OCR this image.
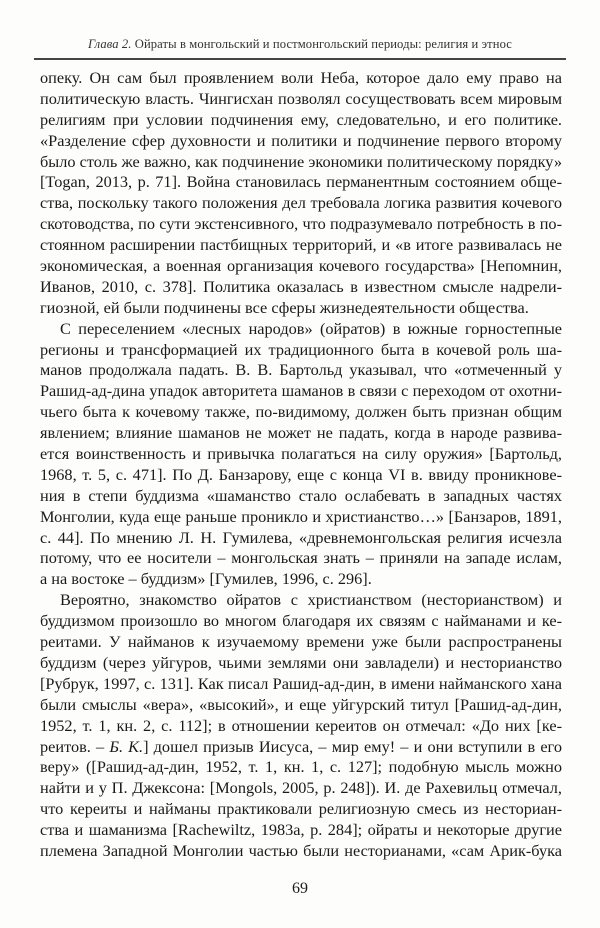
Глава 2. Ойраты в монгольский и постмонгольский периоды: религия и этнос
опеку. Он сам был проявлением воли Неба, которое дало ему право на
политическую власть. Чингисхан позволял сосуществовать всем мировым
религиям при условии подчинения ему, следовательно, и его политике.
«Разделение сфер духовности и политики и подчинение первого второму
было столь же важно, как подчинение экономики политическому порядку»
[Togan, 2013, p. 71]. Война становилась перманентным состоянием обще-
ства, поскольку такого положения дел требовала логика развития кочевого
скотоводства, по сути экстенсивного, что подразумевало потребность в по-
стоянном расширении пастбищных территорий, и «в итоге развивалась не
экономическая, а военная организация кочевого государства» [Непомнин,
Иванов, 2010, с. 378]. Политика оказалась в известном смысле надрели-
гиозной, ей были подчинены все сферы жизнедеятельности общества.
С переселением «лесных народов» (ойратов) в южные горностепные
регионы и трансформацией их традиционного быта в кочевой роль ша-
манов продолжала падать. В. В. Бартольд указывал, что «отмеченный у
Рашид-ад-дина упадок авторитета шаманов в связи с переходом от охотни-
чьего быта к кочевому также, по-видимому, должен быть признан общим
явлением; влияние шаманов не может не падать, когда в народе развива-
ется воинственность и привычка полагаться на силу оружия» [Бартольд,
1968, т. 5, с. 471]. По Д. Банзарову, еще с конца VI в. ввиду проникнове-
ния в степи буддизма «шаманство стало ослабевать в западных частях
Монголии, куда еще раньше проникло и христианство…» [Банзаров, 1891,
с. 44]. По мнению Л. Н. Гумилева, «древнемонгольская религия исчезла
потому, что ее носители – монгольская знать – приняли на западе ислам,
а на востоке – буддизм» [Гумилев, 1996, с. 296].
Вероятно, знакомство ойратов с христианством (несторианством) и
буддизмом произошло во многом благодаря их связям с найманами и ке-
реитами. У найманов к изучаемому времени уже были распространены
буддизм (через уйгуров, чьими землями они завладели) и несторианство
[Рубрук, 1997, с. 131]. Как писал Рашид-ад-дин, в имени найманского хана
были смыслы «вера», «высокий», и еще уйгурский титул [Рашид-ад-дин,
1952, т. 1, кн. 2, с. 112]; в отношении кереитов он отмечал: «До них [ке-
реитов. – Б. К.] дошел призыв Иисуса, – мир ему! – и они вступили в его
веру» ([Рашид-ад-дин, 1952, т. 1, кн. 1, с. 127]; подобную мысль можно
найти и у П. Джексона: [Mongols, 2005, p. 248]). И. де Рахевильц отмечал,
что кереиты и найманы практиковали религиозную смесь из несториан-
ства и шаманизма [Rachewiltz, 1983a, p. 284]; ойраты и некоторые другие
племена Западной Монголии частью были несторианами, «сам Арик-бука
69
